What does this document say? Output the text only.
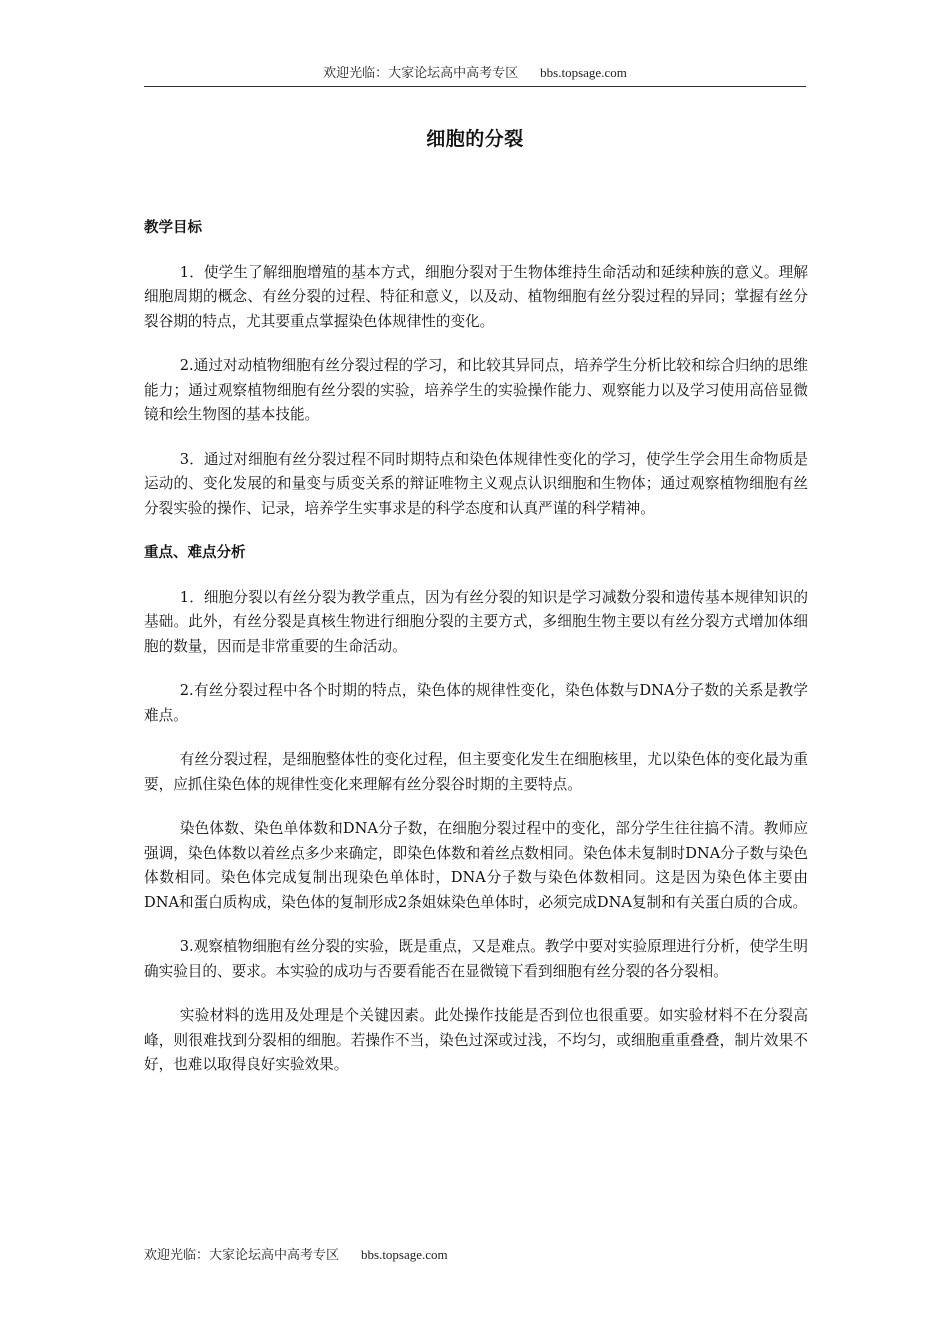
欢迎光临：大家论坛高中高考专区 bbs.topsage.com
细胞的分裂
教学目标

1．使学生了解细胞增殖的基本方式，细胞分裂对于生物体维持生命活动和延续种族的意义。理解细胞周期的概念、有丝分裂的过程、特征和意义，以及动、植物细胞有丝分裂过程的异同；掌握有丝分裂谷期的特点，尤其要重点掌握染色体规律性的变化。

2.通过对动植物细胞有丝分裂过程的学习，和比较其异同点，培养学生分析比较和综合归纳的思维能力；通过观察植物细胞有丝分裂的实验，培养学生的实验操作能力、观察能力以及学习使用高倍显微镜和绘生物图的基本技能。

3．通过对细胞有丝分裂过程不同时期特点和染色体规律性变化的学习，使学生学会用生命物质是运动的、变化发展的和量变与质变关系的辩证唯物主义观点认识细胞和生物体；通过观察植物细胞有丝分裂实验的操作、记录，培养学生实事求是的科学态度和认真严谨的科学精神。

重点、难点分析

1．细胞分裂以有丝分裂为教学重点，因为有丝分裂的知识是学习减数分裂和遗传基本规律知识的基础。此外，有丝分裂是真核生物进行细胞分裂的主要方式，多细胞生物主要以有丝分裂方式增加体细胞的数量，因而是非常重要的生命活动。

2.有丝分裂过程中各个时期的特点，染色体的规律性变化，染色体数与DNA分子数的关系是教学难点。

有丝分裂过程，是细胞整体性的变化过程，但主要变化发生在细胞核里，尤以染色体的变化最为重要，应抓住染色体的规律性变化来理解有丝分裂谷时期的主要特点。

染色体数、染色单体数和DNA分子数，在细胞分裂过程中的变化，部分学生往往搞不清。教师应强调，染色体数以着丝点多少来确定，即染色体数和着丝点数相同。染色体未复制时DNA分子数与染色体数相同。染色体完成复制出现染色单体时，DNA分子数与染色体数相同。这是因为染色体主要由DNA和蛋白质构成，染色体的复制形成2条姐妹染色单体时，必须完成DNA复制和有关蛋白质的合成。

3.观察植物细胞有丝分裂的实验，既是重点，又是难点。教学中要对实验原理进行分析，使学生明确实验目的、要求。本实验的成功与否要看能否在显微镜下看到细胞有丝分裂的各分裂相。

实验材料的选用及处理是个关键因素。此处操作技能是否到位也很重要。如实验材料不在分裂高峰，则很难找到分裂相的细胞。若操作不当，染色过深或过浅，不均匀，或细胞重重叠叠，制片效果不好，也难以取得良好实验效果。

欢迎光临：大家论坛高中高考专区 bbs.topsage.com
